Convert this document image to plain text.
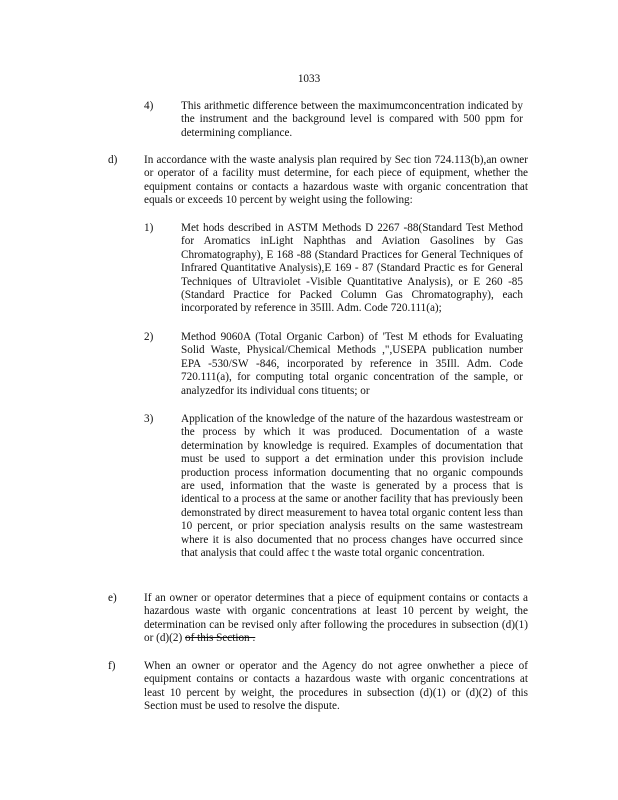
1033
4)	This arithmetic difference between the maximumconcentration indicated by the instrument and the background level is compared with 500 ppm for determining compliance.
d)	In accordance with the waste analysis plan required by Sec tion 724.113(b),an owner or operator of a facility must determine, for each piece of equipment, whether the equipment contains or contacts a hazardous waste with organic concentration that equals or exceeds 10 percent by weight using the following:
1)	Met hods described in ASTM Methods D 2267 -88(Standard Test Method for Aromatics inLight Naphthas and Aviation Gasolines by Gas Chromatography), E 168 -88 (Standard Practices for General Techniques of Infrared Quantitative Analysis),E 169 - 87 (Standard Practic es for General Techniques of Ultraviolet -Visible Quantitative Analysis), or E 260 -85 (Standard Practice for Packed Column Gas Chromatography), each incorporated by reference in 35Ill. Adm. Code 720.111(a);
2)	Method 9060A (Total Organic Carbon) of 'Test M ethods for Evaluating Solid Waste, Physical/Chemical Methods ,",USEPA publication number EPA -530/SW -846, incorporated by reference in 35Ill. Adm. Code 720.111(a), for computing total organic concentration of the sample, or analyzedfor its individual cons tituents; or
3)	Application of the knowledge of the nature of the hazardous wastestream or the process by which it was produced. Documentation of a waste determination by knowledge is required. Examples of documentation that must be used to support a det ermination under this provision include production process information documenting that no organic compounds are used, information that the waste is generated by a process that is identical to a process at the same or another facility that has previously been demonstrated by direct measurement to havea total organic content less than 10 percent, or prior speciation analysis results on the same wastestream where it is also documented that no process changes have occurred since that analysis that could affec t the waste total organic concentration.
e)	If an owner or operator determines that a piece of equipment contains or contacts a hazardous waste with organic concentrations at least 10 percent by weight, the determination can be revised only after following the procedures in subsection (d)(1) or (d)(2) of this Section .
f)	When an owner or operator and the Agency do not agree onwhether a piece of equipment contains or contacts a hazardous waste with organic concentrations at least 10 percent by weight, the procedures in subsection (d)(1) or (d)(2) of this Section must be used to resolve the dispute.
